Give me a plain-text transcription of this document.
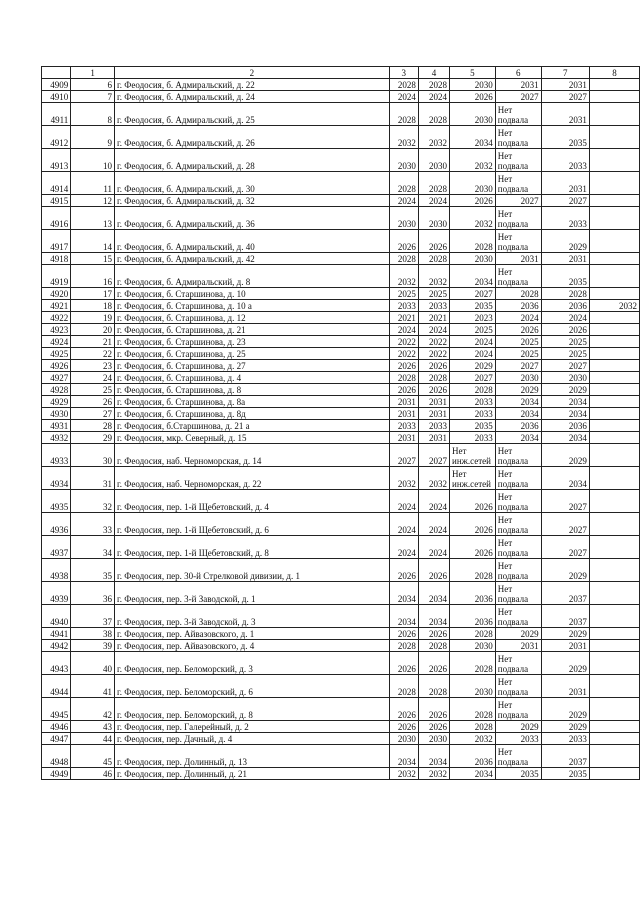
	1	2	3	4	5	6	7	8
4909	6	г. Феодосия, б. Адмиральский, д. 22	2028	2028	2030	2031	2031	
4910	7	г. Феодосия, б. Адмиральский, д. 24	2024	2024	2026	2027	2027	
4911	8	г. Феодосия, б. Адмиральский, д. 25	2028	2028	2030	Нет подвала	2031	
4912	9	г. Феодосия, б. Адмиральский, д. 26	2032	2032	2034	Нет подвала	2035	
4913	10	г. Феодосия, б. Адмиральский, д. 28	2030	2030	2032	Нет подвала	2033	
4914	11	г. Феодосия, б. Адмиральский, д. 30	2028	2028	2030	Нет подвала	2031	
4915	12	г. Феодосия, б. Адмиральский, д. 32	2024	2024	2026	2027	2027	
4916	13	г. Феодосия, б. Адмиральский, д. 36	2030	2030	2032	Нет подвала	2033	
4917	14	г. Феодосия, б. Адмиральский, д. 40	2026	2026	2028	Нет подвала	2029	
4918	15	г. Феодосия, б. Адмиральский, д. 42	2028	2028	2030	2031	2031	
4919	16	г. Феодосия, б. Адмиральский, д. 8	2032	2032	2034	Нет подвала	2035	
4920	17	г. Феодосия, б. Старшинова, д. 10	2025	2025	2027	2028	2028	
4921	18	г. Феодосия, б. Старшинова, д. 10 а	2033	2033	2035	2036	2036	2032
4922	19	г. Феодосия, б. Старшинова, д. 12	2021	2021	2023	2024	2024	
4923	20	г. Феодосия, б. Старшинова, д. 21	2024	2024	2025	2026	2026	
4924	21	г. Феодосия, б. Старшинова, д. 23	2022	2022	2024	2025	2025	
4925	22	г. Феодосия, б. Старшинова, д. 25	2022	2022	2024	2025	2025	
4926	23	г. Феодосия, б. Старшинова, д. 27	2026	2026	2029	2027	2027	
4927	24	г. Феодосия, б. Старшинова, д. 4	2028	2028	2027	2030	2030	
4928	25	г. Феодосия, б. Старшинова, д. 8	2026	2026	2028	2029	2029	
4929	26	г. Феодосия, б. Старшинова, д. 8а	2031	2031	2033	2034	2034	
4930	27	г. Феодосия, б. Старшинова, д. 8д	2031	2031	2033	2034	2034	
4931	28	г. Феодосия, б.Старшинова, д. 21 а	2033	2033	2035	2036	2036	
4932	29	г. Феодосия, мкр. Северный, д. 15	2031	2031	2033	2034	2034	
4933	30	г. Феодосия, наб. Черноморская, д. 14	2027	2027	Нет инж.сетей	Нет подвала	2029	
4934	31	г. Феодосия, наб. Черноморская, д. 22	2032	2032	Нет инж.сетей	Нет подвала	2034	
4935	32	г. Феодосия, пер. 1-й Щебетовский, д. 4	2024	2024	2026	Нет подвала	2027	
4936	33	г. Феодосия, пер. 1-й Щебетовский, д. 6	2024	2024	2026	Нет подвала	2027	
4937	34	г. Феодосия, пер. 1-й Щебетовский, д. 8	2024	2024	2026	Нет подвала	2027	
4938	35	г. Феодосия, пер. 30-й Стрелковой дивизии, д. 1	2026	2026	2028	Нет подвала	2029	
4939	36	г. Феодосия, пер. 3-й Заводской, д. 1	2034	2034	2036	Нет подвала	2037	
4940	37	г. Феодосия, пер. 3-й Заводской, д. 3	2034	2034	2036	Нет подвала	2037	
4941	38	г. Феодосия, пер. Айвазовского, д. 1	2026	2026	2028	2029	2029	
4942	39	г. Феодосия, пер. Айвазовского, д. 4	2028	2028	2030	2031	2031	
4943	40	г. Феодосия, пер. Беломорский, д. 3	2026	2026	2028	Нет подвала	2029	
4944	41	г. Феодосия, пер. Беломорский, д. 6	2028	2028	2030	Нет подвала	2031	
4945	42	г. Феодосия, пер. Беломорский, д. 8	2026	2026	2028	Нет подвала	2029	
4946	43	г. Феодосия, пер. Галерейный, д. 2	2026	2026	2028	2029	2029	
4947	44	г. Феодосия, пер. Дачный, д. 4	2030	2030	2032	2033	2033	
4948	45	г. Феодосия, пер. Долинный, д. 13	2034	2034	2036	Нет подвала	2037	
4949	46	г. Феодосия, пер. Долинный, д. 21	2032	2032	2034	2035	2035	
